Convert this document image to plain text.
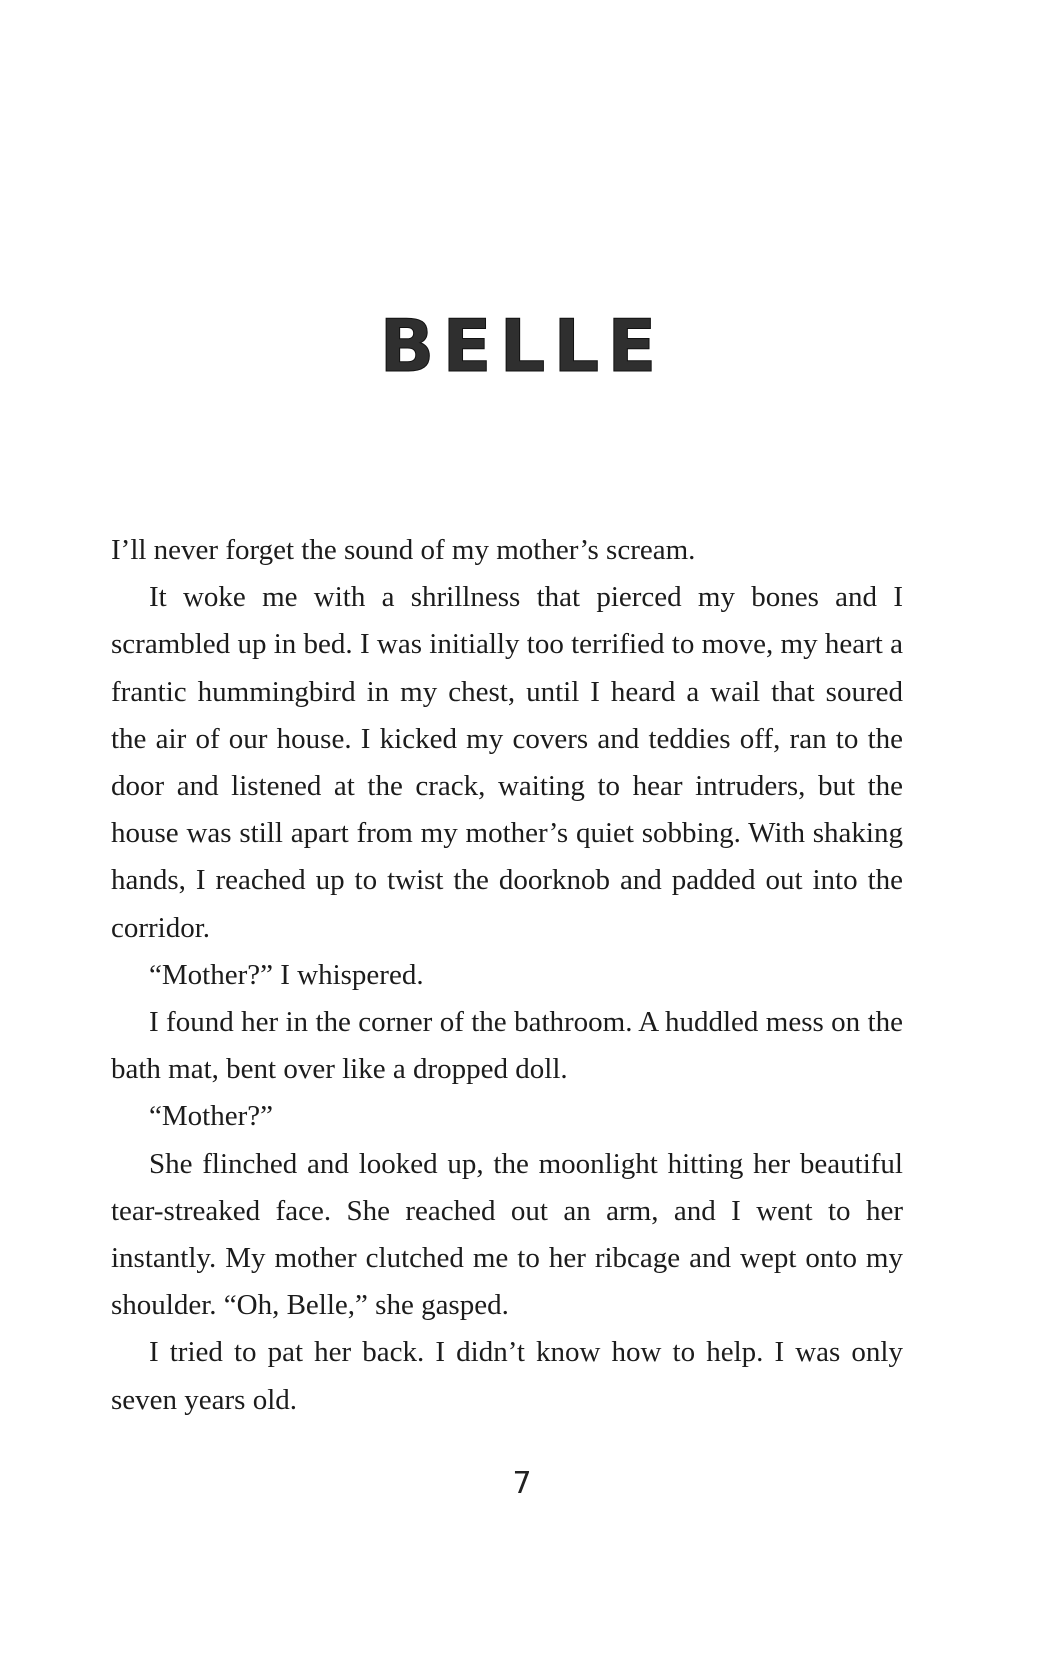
BELLE

I’ll never forget the sound of my mother’s scream.

It woke me with a shrillness that pierced my bones and I scrambled up in bed. I was initially too terrified to move, my heart a frantic hummingbird in my chest, until I heard a wail that soured the air of our house. I kicked my covers and teddies off, ran to the door and listened at the crack, waiting to hear intruders, but the house was still apart from my mother’s quiet sobbing. With shaking hands, I reached up to twist the doorknob and padded out into the corridor.

“Mother?” I whispered.

I found her in the corner of the bathroom. A huddled mess on the bath mat, bent over like a dropped doll.

“Mother?”

She flinched and looked up, the moonlight hitting her beautiful tear-streaked face. She reached out an arm, and I went to her instantly. My mother clutched me to her ribcage and wept onto my shoulder. “Oh, Belle,” she gasped.

I tried to pat her back. I didn’t know how to help. I was only seven years old.

7
